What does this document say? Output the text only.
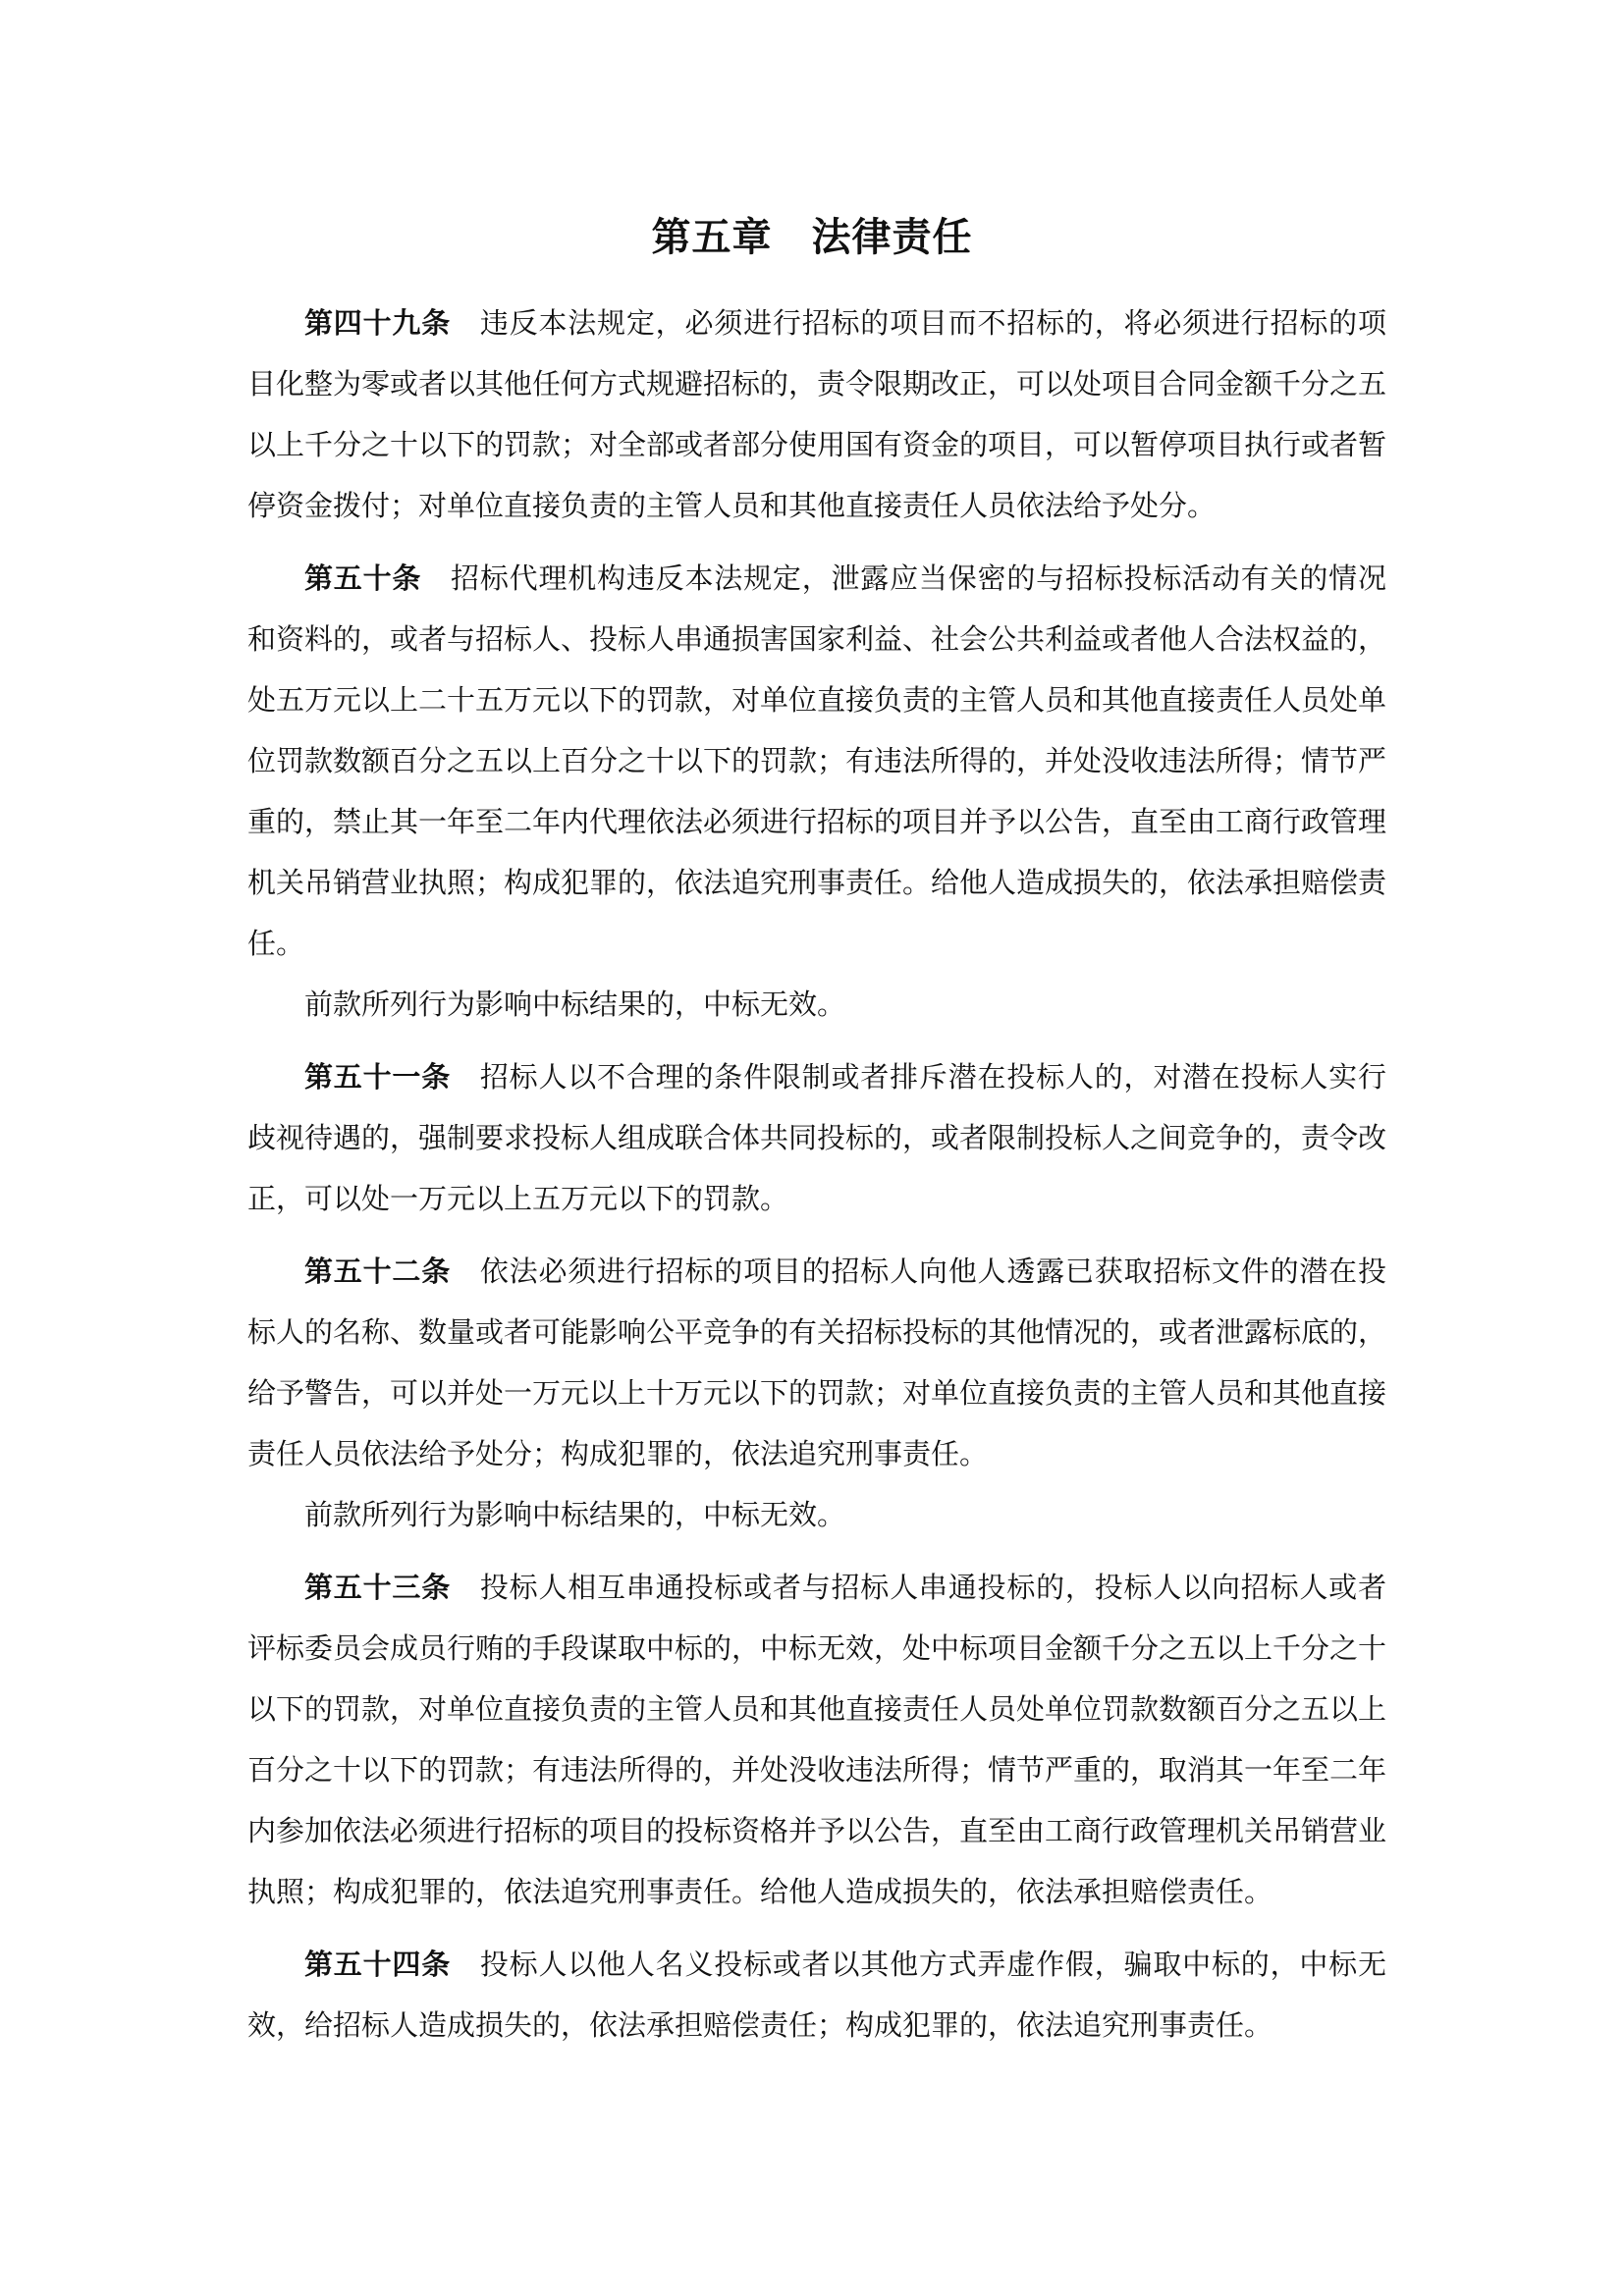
第五章 法律责任

第四十九条 违反本法规定，必须进行招标的项目而不招标的，将必须进行招标的项目化整为零或者以其他任何方式规避招标的，责令限期改正，可以处项目合同金额千分之五以上千分之十以下的罚款；对全部或者部分使用国有资金的项目，可以暂停项目执行或者暂停资金拨付；对单位直接负责的主管人员和其他直接责任人员依法给予处分。

第五十条 招标代理机构违反本法规定，泄露应当保密的与招标投标活动有关的情况和资料的，或者与招标人、投标人串通损害国家利益、社会公共利益或者他人合法权益的，处五万元以上二十五万元以下的罚款，对单位直接负责的主管人员和其他直接责任人员处单位罚款数额百分之五以上百分之十以下的罚款；有违法所得的，并处没收违法所得；情节严重的，禁止其一年至二年内代理依法必须进行招标的项目并予以公告，直至由工商行政管理机关吊销营业执照；构成犯罪的，依法追究刑事责任。给他人造成损失的，依法承担赔偿责任。

前款所列行为影响中标结果的，中标无效。

第五十一条 招标人以不合理的条件限制或者排斥潜在投标人的，对潜在投标人实行歧视待遇的，强制要求投标人组成联合体共同投标的，或者限制投标人之间竞争的，责令改正，可以处一万元以上五万元以下的罚款。

第五十二条 依法必须进行招标的项目的招标人向他人透露已获取招标文件的潜在投标人的名称、数量或者可能影响公平竞争的有关招标投标的其他情况的，或者泄露标底的，给予警告，可以并处一万元以上十万元以下的罚款；对单位直接负责的主管人员和其他直接责任人员依法给予处分；构成犯罪的，依法追究刑事责任。

前款所列行为影响中标结果的，中标无效。

第五十三条 投标人相互串通投标或者与招标人串通投标的，投标人以向招标人或者评标委员会成员行贿的手段谋取中标的，中标无效，处中标项目金额千分之五以上千分之十以下的罚款，对单位直接负责的主管人员和其他直接责任人员处单位罚款数额百分之五以上百分之十以下的罚款；有违法所得的，并处没收违法所得；情节严重的，取消其一年至二年内参加依法必须进行招标的项目的投标资格并予以公告，直至由工商行政管理机关吊销营业执照；构成犯罪的，依法追究刑事责任。给他人造成损失的，依法承担赔偿责任。

第五十四条 投标人以他人名义投标或者以其他方式弄虚作假，骗取中标的，中标无效，给招标人造成损失的，依法承担赔偿责任；构成犯罪的，依法追究刑事责任。
